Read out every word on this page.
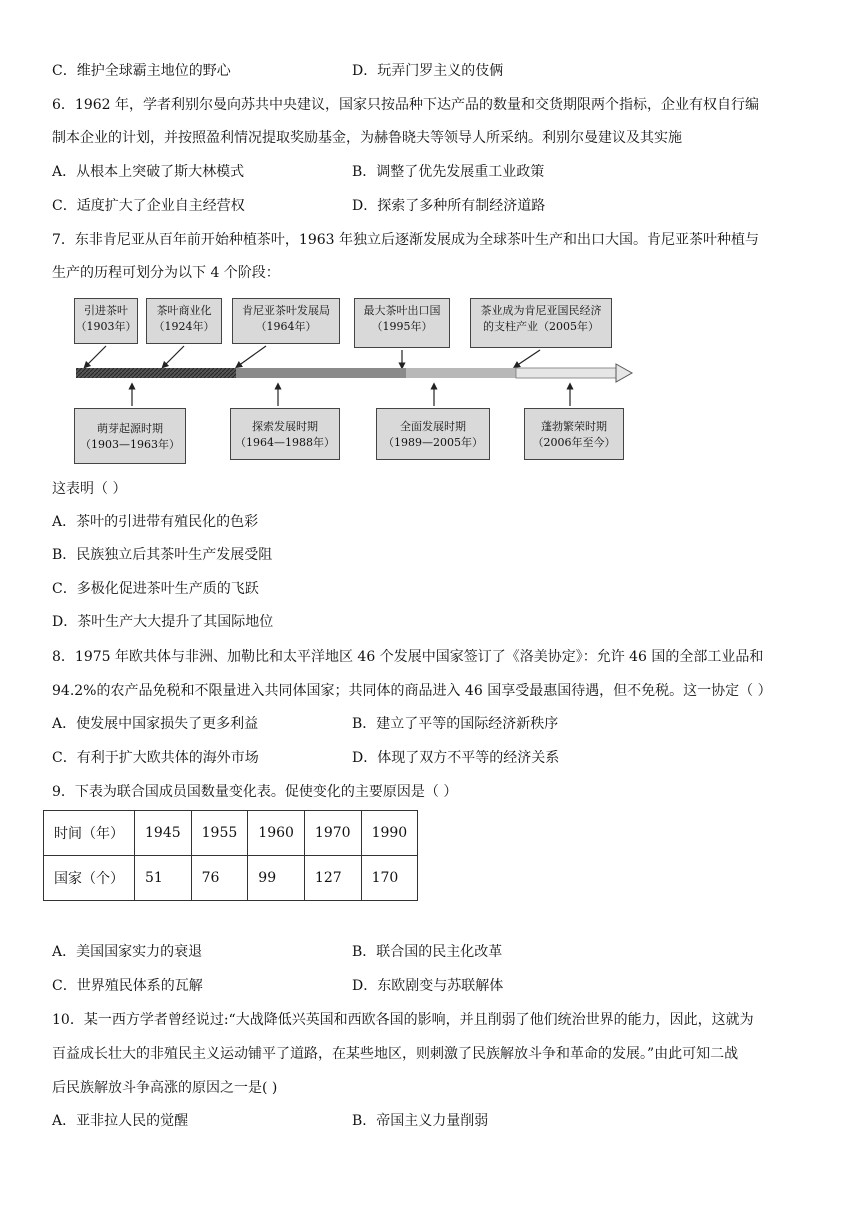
C．维护全球霸主地位的野心	D．玩弄门罗主义的伎俩
6．1962 年，学者利别尔曼向苏共中央建议，国家只按品种下达产品的数量和交货期限两个指标，企业有权自行编
制本企业的计划，并按照盈利情况提取奖励基金，为赫鲁晓夫等领导人所采纳。利别尔曼建议及其实施
A．从根本上突破了斯大林模式	B．调整了优先发展重工业政策
C．适度扩大了企业自主经营权	D．探索了多种所有制经济道路
7．东非肯尼亚从百年前开始种植茶叶，1963 年独立后逐渐发展成为全球茶叶生产和出口大国。肯尼亚茶叶种植与
生产的历程可划分为以下 4 个阶段：
引进茶叶
（1903年）
茶叶商业化
（1924年）
肯尼亚茶叶发展局
（1964年）
最大茶叶出口国
（1995年）
茶业成为肯尼亚国民经济
的支柱产业（2005年）
萌芽起源时期
（1903—1963年）
探索发展时期
（1964—1988年）
全面发展时期
（1989—2005年）
蓬勃繁荣时期
（2006年至今）
这表明（ ）
A．茶叶的引进带有殖民化的色彩
B．民族独立后其茶叶生产发展受阻
C．多极化促进茶叶生产质的飞跃
D．茶叶生产大大提升了其国际地位
8．1975 年欧共体与非洲、加勒比和太平洋地区 46 个发展中国家签订了《洛美协定》：允许 46 国的全部工业品和
94.2%的农产品免税和不限量进入共同体国家；共同体的商品进入 46 国享受最惠国待遇，但不免税。这一协定（ ）
A．使发展中国家损失了更多利益	B．建立了平等的国际经济新秩序
C．有利于扩大欧共体的海外市场	D．体现了双方不平等的经济关系
9．下表为联合国成员国数量变化表。促使变化的主要原因是（ ）
时间（年）	1945	1955	1960	1970	1990
国家（个）	51	76	99	127	170
A．美国国家实力的衰退	B．联合国的民主化改革
C．世界殖民体系的瓦解	D．东欧剧变与苏联解体
10．某一西方学者曾经说过:“大战降低兴英国和西欧各国的影响，并且削弱了他们统治世界的能力，因此，这就为
百益成长壮大的非殖民主义运动铺平了道路，在某些地区，则刺激了民族解放斗争和革命的发展。”由此可知二战
后民族解放斗争高涨的原因之一是( )
A．亚非拉人民的觉醒	B．帝国主义力量削弱
